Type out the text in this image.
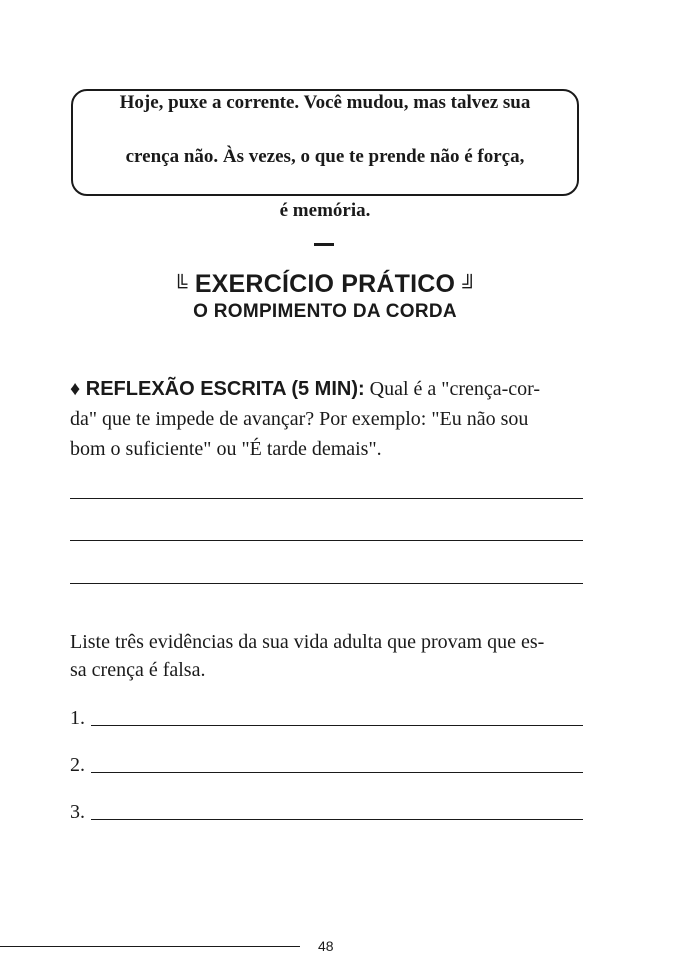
Hoje, puxe a corrente. Você mudou, mas talvez sua

crença não. Às vezes, o que te prende não é força,

é memória.

╚ EXERCÍCIO PRÁTICO ╝
O ROMPIMENTO DA CORDA
♦ REFLEXÃO ESCRITA (5 MIN): Qual é a "crença-cor-
da" que te impede de avançar? Por exemplo: "Eu não sou
bom o suficiente" ou "É tarde demais".
Liste três evidências da sua vida adulta que provam que es-
sa crença é falsa.
1.
2.
3.
48
